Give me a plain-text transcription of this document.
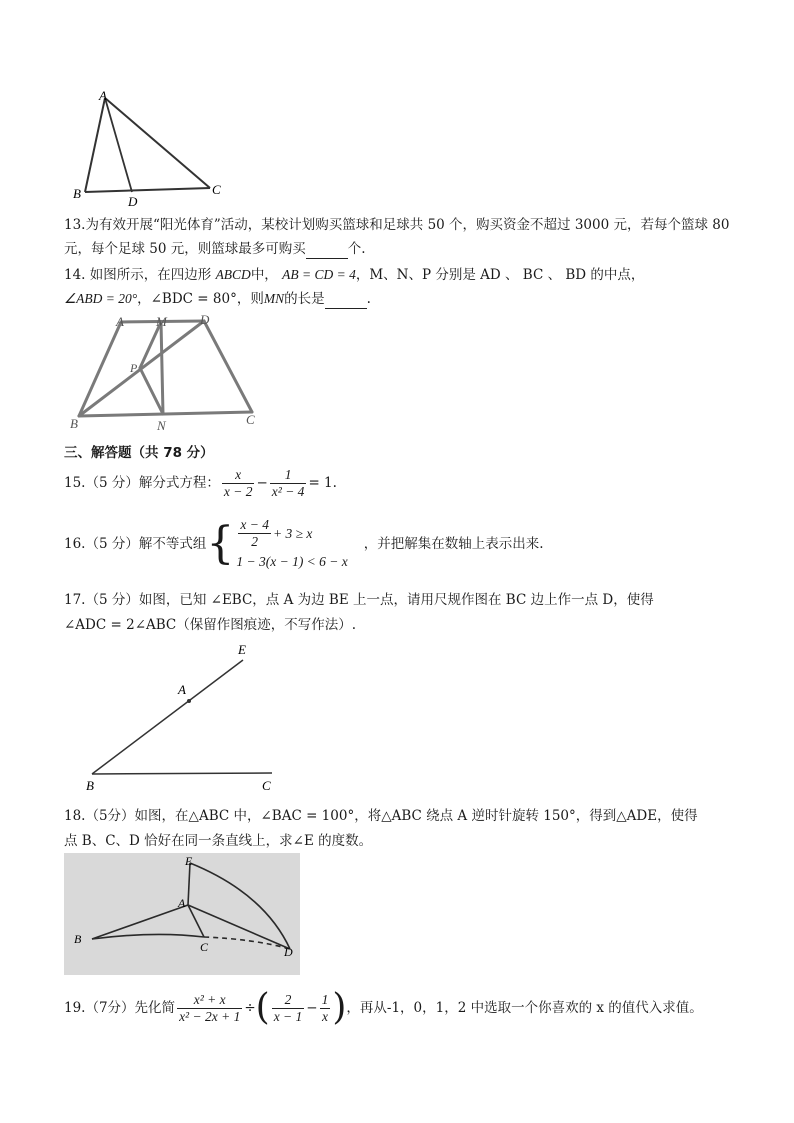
A
B
D
C
13.为有效开展“阳光体育”活动，某校计划购买篮球和足球共 50 个，购买资金不超过 3000 元，若每个篮球 80
元，每个足球 50 元，则篮球最多可购买	个.
14. 如图所示，在四边形 ABCD中， AB = CD = 4，M、N、P 分别是 AD 、 BC 、 BD 的中点，
∠ABD = 20°，∠BDC = 80°，则MN的长是	.
A M	D
P
B	N	C
三、解答题（共 78 分）
15.（5 分）解分式方程： $\frac{x}{x - 2} - \frac{1}{\text{x² − 4}} = 1$.
16.（5 分）解不等式组 { $\frac{x - 4}{2} + 3 \ge x$
1 − 3(x − 1) < 6 − x
，并把解集在数轴上表示出来.
17.（5 分）如图，已知 ∠EBC，点 A 为边 BE 上一点，请用尺规作图在 BC 边上作一点 D，使得
∠ADC = 2∠ABC（保留作图痕迹，不写作法）.
E
A
B	C
18.（5分）如图，在△ABC 中，∠BAC = 100°，将△ABC 绕点 A 逆时针旋转 150°，得到△ADE，使得
点 B、C、D 恰好在同一条直线上，求∠E 的度数。
E
A
B
C	D
19.（7分）先化简 $\frac{\text{x² + x}}{\text{x² − 2x + 1}}$ ÷ ( $\frac{2}{x - 1} - \frac{1}{x}$ ) ，再从-1，0，1，2 中选取一个你喜欢的 x 的值代入求值。
